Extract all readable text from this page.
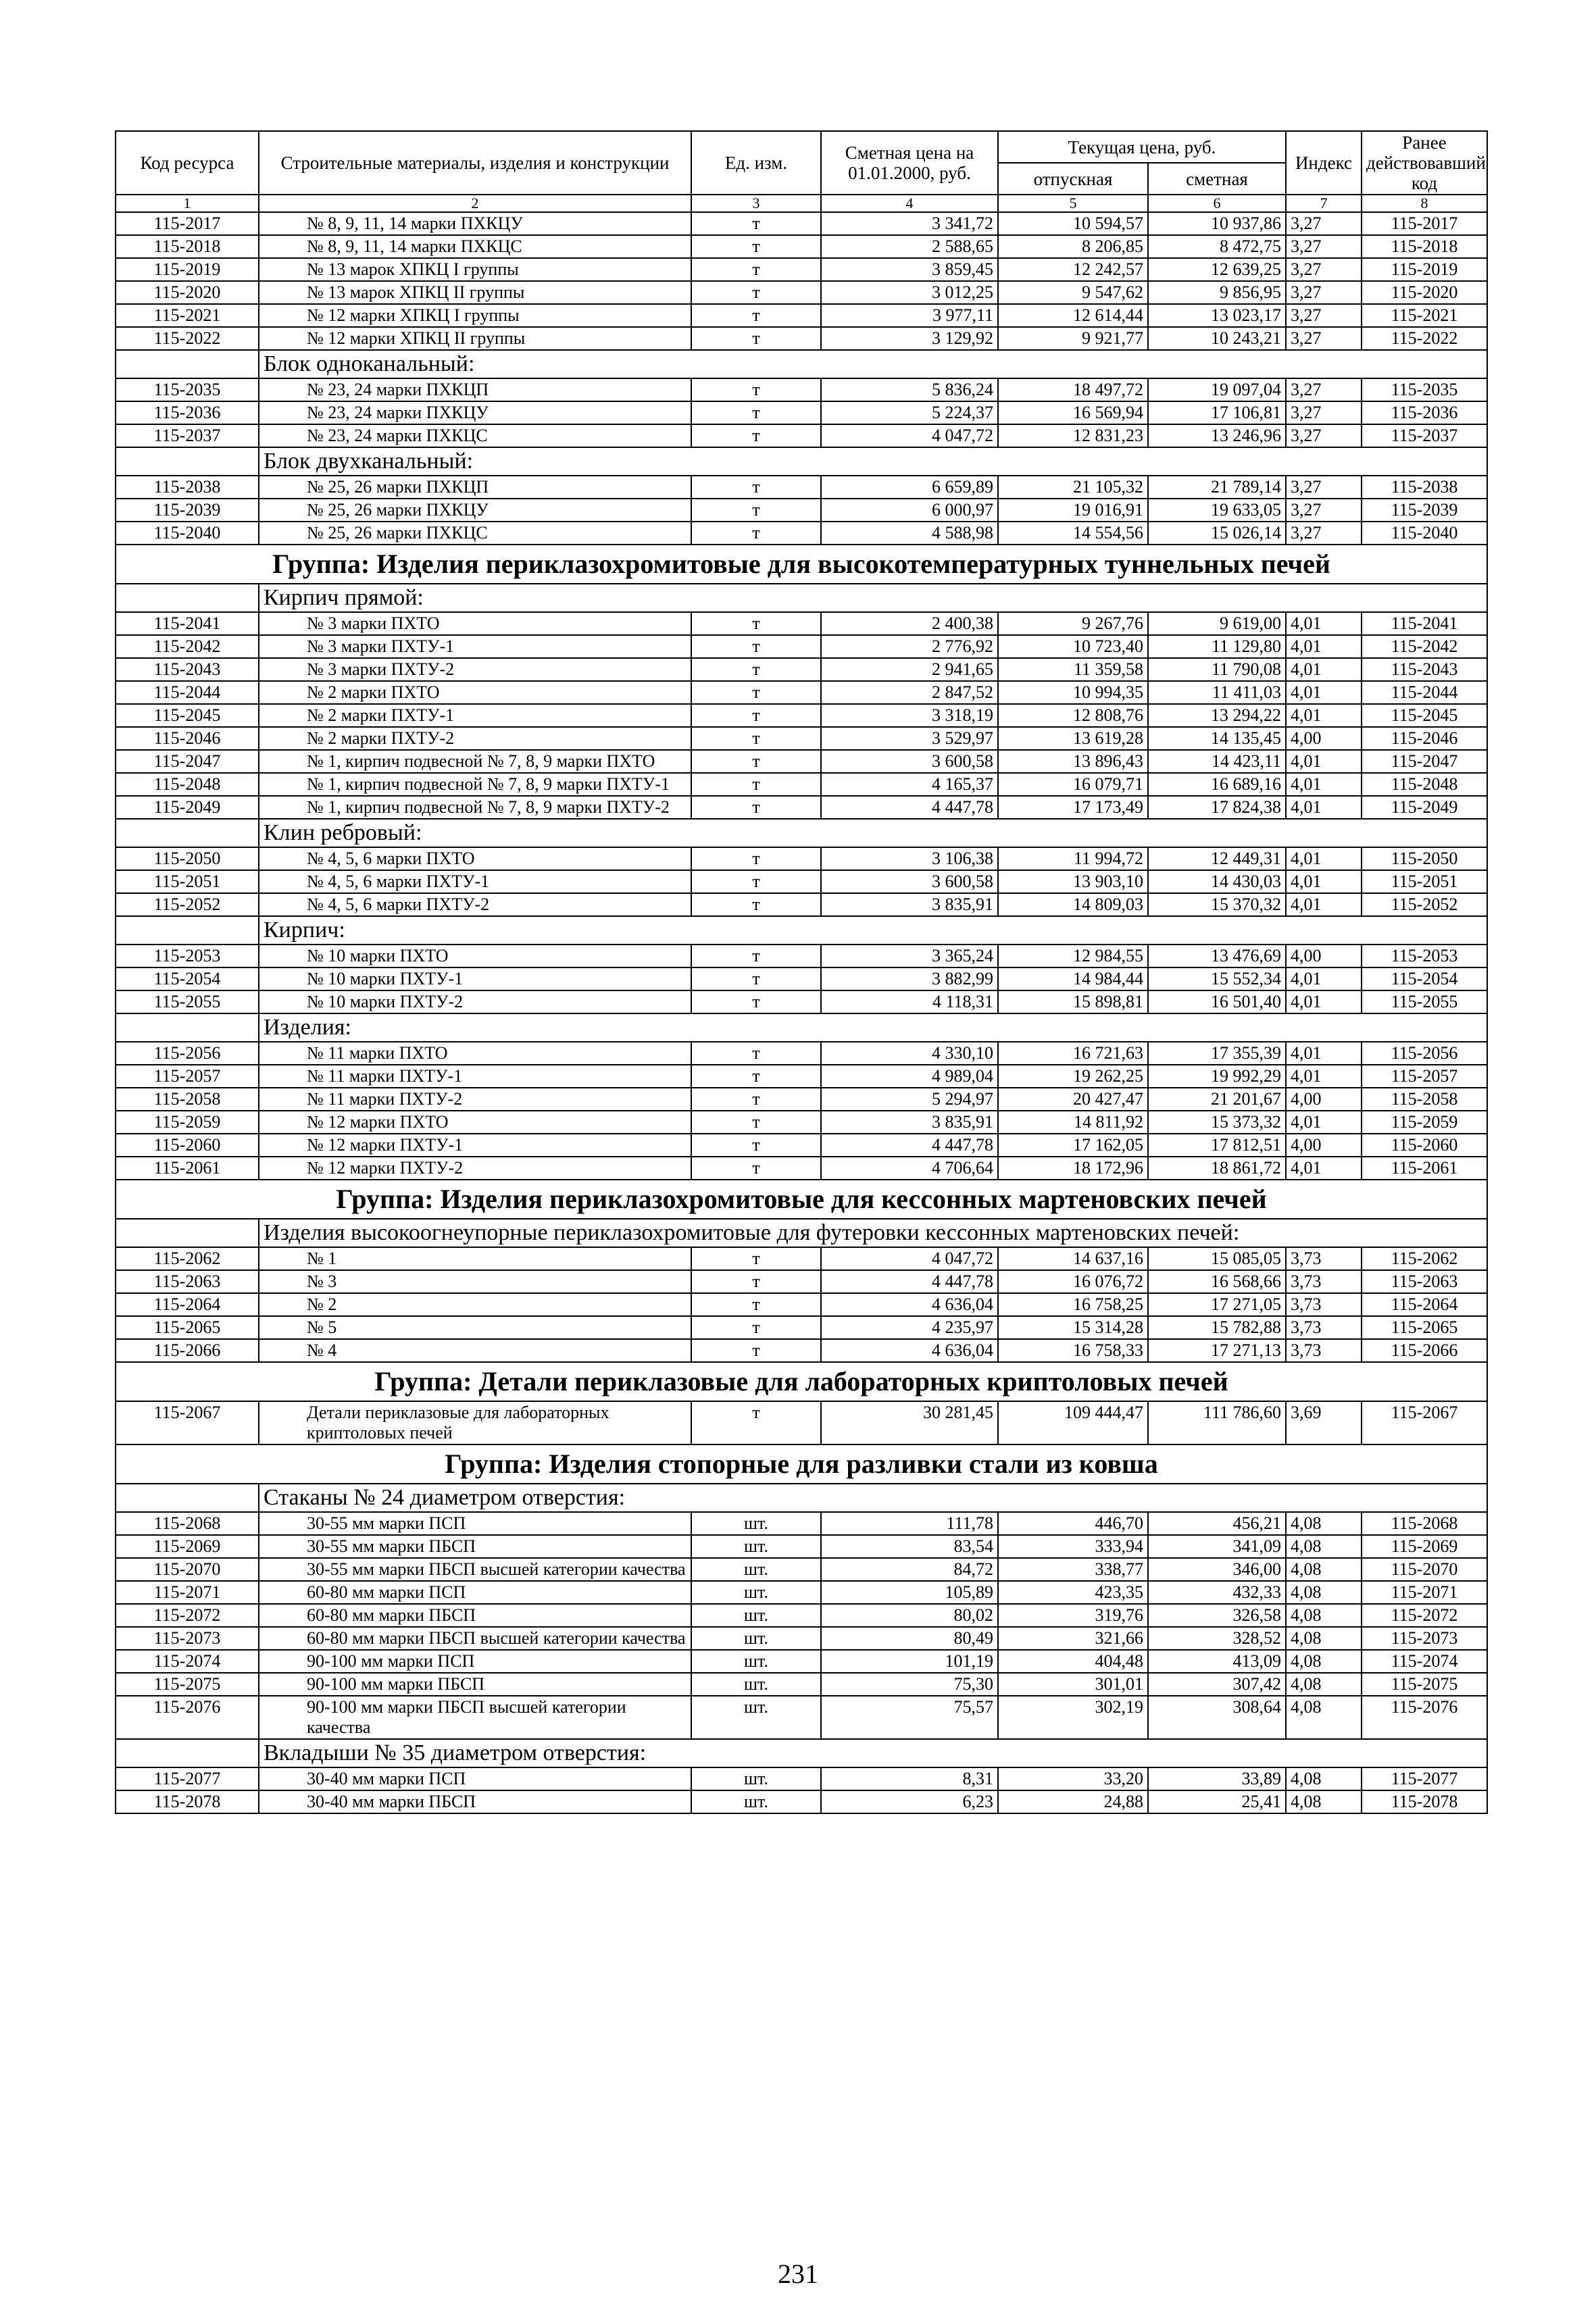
Код ресурса	Строительные материалы, изделия и конструкции	Ед. изм.	Сметная цена на 01.01.2000, руб.	Текущая цена, руб.		Индекс	Ранее действовавший код
				отпускная	сметная		
1	2	3	4	5	6	7	8
115-2017	№ 8, 9, 11, 14 марки ПХКЦУ	т	3 341,72	10 594,57	10 937,86	3,27	115-2017
115-2018	№ 8, 9, 11, 14 марки ПХКЦС	т	2 588,65	8 206,85	8 472,75	3,27	115-2018
115-2019	№ 13 марок ХПКЦ I группы	т	3 859,45	12 242,57	12 639,25	3,27	115-2019
115-2020	№ 13 марок ХПКЦ II группы	т	3 012,25	9 547,62	9 856,95	3,27	115-2020
115-2021	№ 12 марки ХПКЦ I группы	т	3 977,11	12 614,44	13 023,17	3,27	115-2021
115-2022	№ 12 марки ХПКЦ II группы	т	3 129,92	9 921,77	10 243,21	3,27	115-2022
	Блок одноканальный:						
115-2035	№ 23, 24 марки ПХКЦП	т	5 836,24	18 497,72	19 097,04	3,27	115-2035
115-2036	№ 23, 24 марки ПХКЦУ	т	5 224,37	16 569,94	17 106,81	3,27	115-2036
115-2037	№ 23, 24 марки ПХКЦС	т	4 047,72	12 831,23	13 246,96	3,27	115-2037
	Блок двухканальный:						
115-2038	№ 25, 26 марки ПХКЦП	т	6 659,89	21 105,32	21 789,14	3,27	115-2038
115-2039	№ 25, 26 марки ПХКЦУ	т	6 000,97	19 016,91	19 633,05	3,27	115-2039
115-2040	№ 25, 26 марки ПХКЦС	т	4 588,98	14 554,56	15 026,14	3,27	115-2040
Группа: Изделия периклазохромитовые для высокотемпературных туннельных печей							
	Кирпич прямой:						
115-2041	№ 3 марки ПХТО	т	2 400,38	9 267,76	9 619,00	4,01	115-2041
115-2042	№ 3 марки ПХТУ-1	т	2 776,92	10 723,40	11 129,80	4,01	115-2042
115-2043	№ 3 марки ПХТУ-2	т	2 941,65	11 359,58	11 790,08	4,01	115-2043
115-2044	№ 2 марки ПХТО	т	2 847,52	10 994,35	11 411,03	4,01	115-2044
115-2045	№ 2 марки ПХТУ-1	т	3 318,19	12 808,76	13 294,22	4,01	115-2045
115-2046	№ 2 марки ПХТУ-2	т	3 529,97	13 619,28	14 135,45	4,00	115-2046
115-2047	№ 1, кирпич подвесной № 7, 8, 9 марки ПХТО	т	3 600,58	13 896,43	14 423,11	4,01	115-2047
115-2048	№ 1, кирпич подвесной № 7, 8, 9 марки ПХТУ-1	т	4 165,37	16 079,71	16 689,16	4,01	115-2048
115-2049	№ 1, кирпич подвесной № 7, 8, 9 марки ПХТУ-2	т	4 447,78	17 173,49	17 824,38	4,01	115-2049
	Клин ребровый:						
115-2050	№ 4, 5, 6 марки ПХТО	т	3 106,38	11 994,72	12 449,31	4,01	115-2050
115-2051	№ 4, 5, 6 марки ПХТУ-1	т	3 600,58	13 903,10	14 430,03	4,01	115-2051
115-2052	№ 4, 5, 6 марки ПХТУ-2	т	3 835,91	14 809,03	15 370,32	4,01	115-2052
	Кирпич:						
115-2053	№ 10 марки ПХТО	т	3 365,24	12 984,55	13 476,69	4,00	115-2053
115-2054	№ 10 марки ПХТУ-1	т	3 882,99	14 984,44	15 552,34	4,01	115-2054
115-2055	№ 10 марки ПХТУ-2	т	4 118,31	15 898,81	16 501,40	4,01	115-2055
	Изделия:						
115-2056	№ 11 марки ПХТО	т	4 330,10	16 721,63	17 355,39	4,01	115-2056
115-2057	№ 11 марки ПХТУ-1	т	4 989,04	19 262,25	19 992,29	4,01	115-2057
115-2058	№ 11 марки ПХТУ-2	т	5 294,97	20 427,47	21 201,67	4,00	115-2058
115-2059	№ 12 марки ПХТО	т	3 835,91	14 811,92	15 373,32	4,01	115-2059
115-2060	№ 12 марки ПХТУ-1	т	4 447,78	17 162,05	17 812,51	4,00	115-2060
115-2061	№ 12 марки ПХТУ-2	т	4 706,64	18 172,96	18 861,72	4,01	115-2061
Группа: Изделия периклазохромитовые для кессонных мартеновских печей							
	Изделия высокоогнеупорные периклазохромитовые для футеровки кессонных мартеновских печей:						
115-2062	№ 1	т	4 047,72	14 637,16	15 085,05	3,73	115-2062
115-2063	№ 3	т	4 447,78	16 076,72	16 568,66	3,73	115-2063
115-2064	№ 2	т	4 636,04	16 758,25	17 271,05	3,73	115-2064
115-2065	№ 5	т	4 235,97	15 314,28	15 782,88	3,73	115-2065
115-2066	№ 4	т	4 636,04	16 758,33	17 271,13	3,73	115-2066
Группа: Детали периклазовые для лабораторных криптоловых печей							
115-2067	Детали периклазовые для лабораторных криптоловых печей	т	30 281,45	109 444,47	111 786,60	3,69	115-2067
Группа: Изделия стопорные для разливки стали из ковша							
	Стаканы № 24 диаметром отверстия:						
115-2068	30-55 мм марки ПСП	шт.	111,78	446,70	456,21	4,08	115-2068
115-2069	30-55 мм марки ПБСП	шт.	83,54	333,94	341,09	4,08	115-2069
115-2070	30-55 мм марки ПБСП высшей категории качества	шт.	84,72	338,77	346,00	4,08	115-2070
115-2071	60-80 мм марки ПСП	шт.	105,89	423,35	432,33	4,08	115-2071
115-2072	60-80 мм марки ПБСП	шт.	80,02	319,76	326,58	4,08	115-2072
115-2073	60-80 мм марки ПБСП высшей категории качества	шт.	80,49	321,66	328,52	4,08	115-2073
115-2074	90-100 мм марки ПСП	шт.	101,19	404,48	413,09	4,08	115-2074
115-2075	90-100 мм марки ПБСП	шт.	75,30	301,01	307,42	4,08	115-2075
115-2076	90-100 мм марки ПБСП высшей категории качества	шт.	75,57	302,19	308,64	4,08	115-2076
	Вкладыши № 35 диаметром отверстия:						
115-2077	30-40 мм марки ПСП	шт.	8,31	33,20	33,89	4,08	115-2077
115-2078	30-40 мм марки ПБСП	шт.	6,23	24,88	25,41	4,08	115-2078
231
